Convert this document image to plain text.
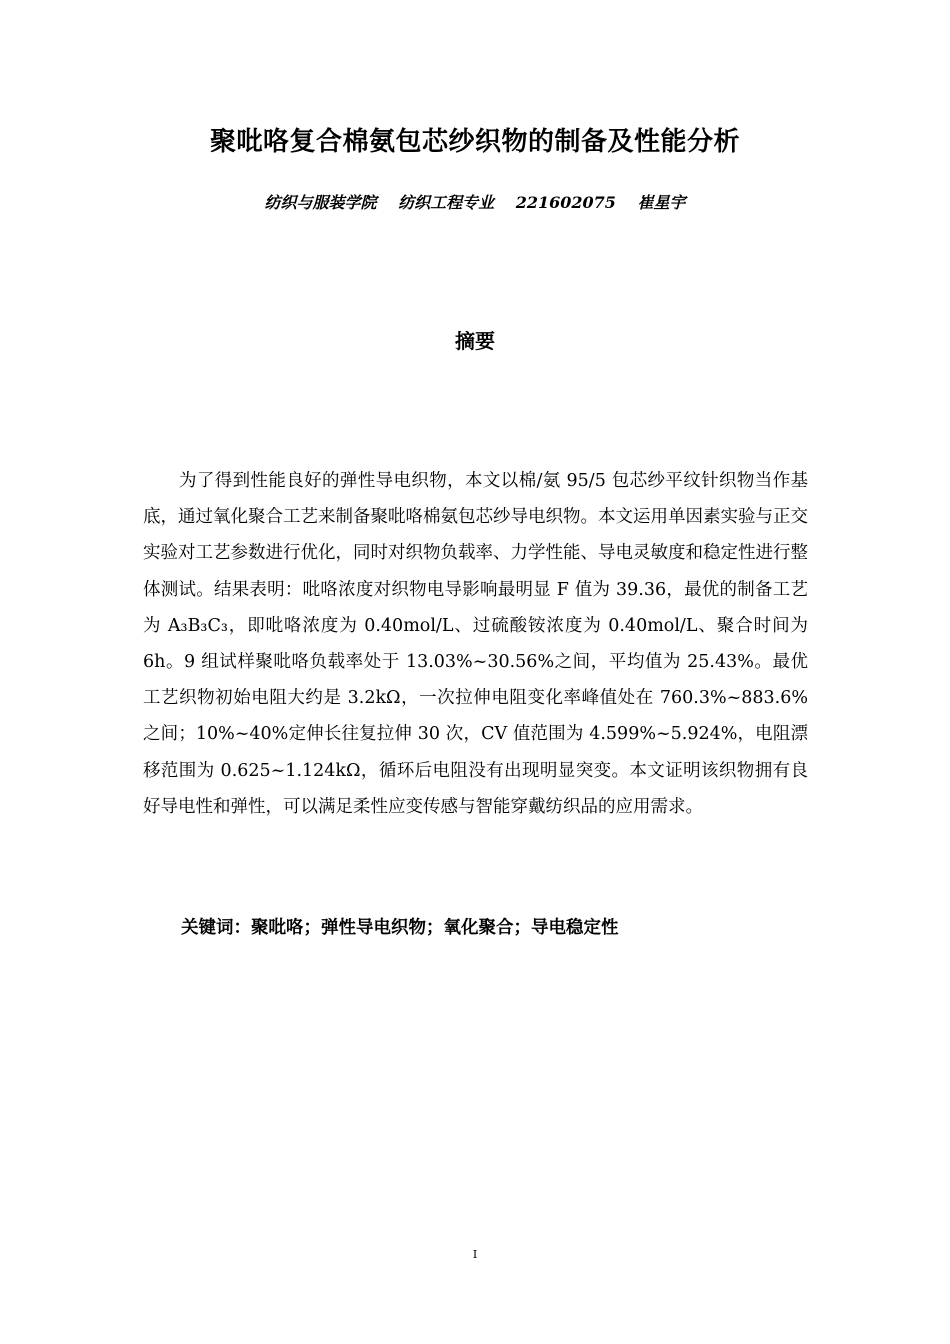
聚吡咯复合棉氨包芯纱织物的制备及性能分析
纺织与服装学院 纺织工程专业 221602075 崔星宇
摘要

为了得到性能良好的弹性导电织物，本文以棉/氨 95/5 包芯纱平纹针织物当作基底，通过氧化聚合工艺来制备聚吡咯棉氨包芯纱导电织物。本文运用单因素实验与正交实验对工艺参数进行优化，同时对织物负载率、力学性能、导电灵敏度和稳定性进行整体测试。结果表明：吡咯浓度对织物电导影响最明显 F 值为 39.36，最优的制备工艺为 A₃B₃C₃，即吡咯浓度为 0.40mol/L、过硫酸铵浓度为 0.40mol/L、聚合时间为 6h。9 组试样聚吡咯负载率处于 13.03%~30.56%之间，平均值为 25.43%。最优工艺织物初始电阻大约是 3.2kΩ，一次拉伸电阻变化率峰值处在 760.3%~883.6%之间；10%~40%定伸长往复拉伸 30 次，CV 值范围为 4.599%~5.924%，电阻漂移范围为 0.625~1.124kΩ，循环后电阻没有出现明显突变。本文证明该织物拥有良好导电性和弹性，可以满足柔性应变传感与智能穿戴纺织品的应用需求。

关键词：聚吡咯；弹性导电织物；氧化聚合；导电稳定性
I
